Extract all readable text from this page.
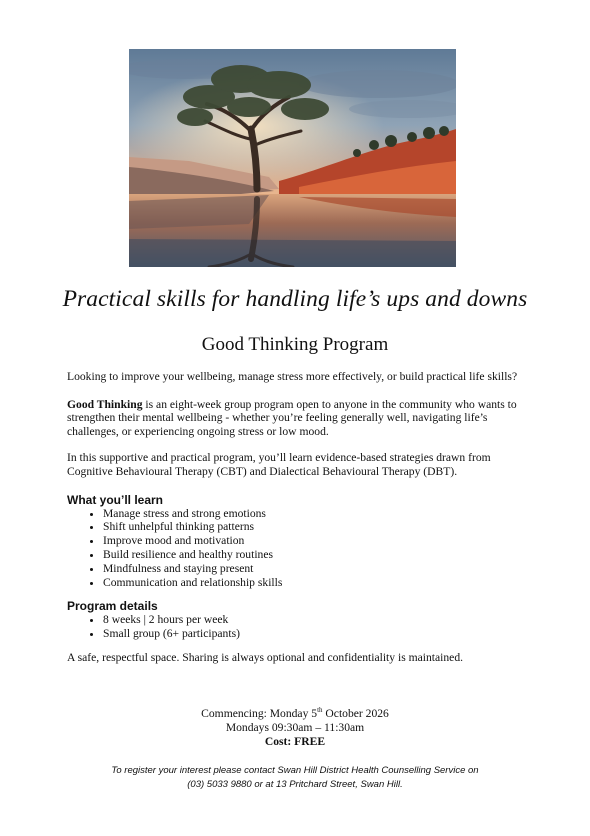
Practical skills for handling life’s ups and downs
Good Thinking Program

Looking to improve your wellbeing, manage stress more effectively, or build practical life skills?

Good Thinking is an eight-week group program open to anyone in the community who wants to strengthen their mental wellbeing - whether you’re feeling generally well, navigating life’s challenges, or experiencing ongoing stress or low mood.

In this supportive and practical program, you’ll learn evidence-based strategies drawn from Cognitive Behavioural Therapy (CBT) and Dialectical Behavioural Therapy (DBT).

What you’ll learn
• Manage stress and strong emotions
• Shift unhelpful thinking patterns
• Improve mood and motivation
• Build resilience and healthy routines
• Mindfulness and staying present
• Communication and relationship skills
Program details
• 8 weeks | 2 hours per week
• Small group (6+ participants)

A safe, respectful space. Sharing is always optional and confidentiality is maintained.

Commencing: Monday 5th October 2026
Mondays 09:30am – 11:30am
Cost: FREE
To register your interest please contact Swan Hill District Health Counselling Service on
(03) 5033 9880 or at 13 Pritchard Street, Swan Hill.
